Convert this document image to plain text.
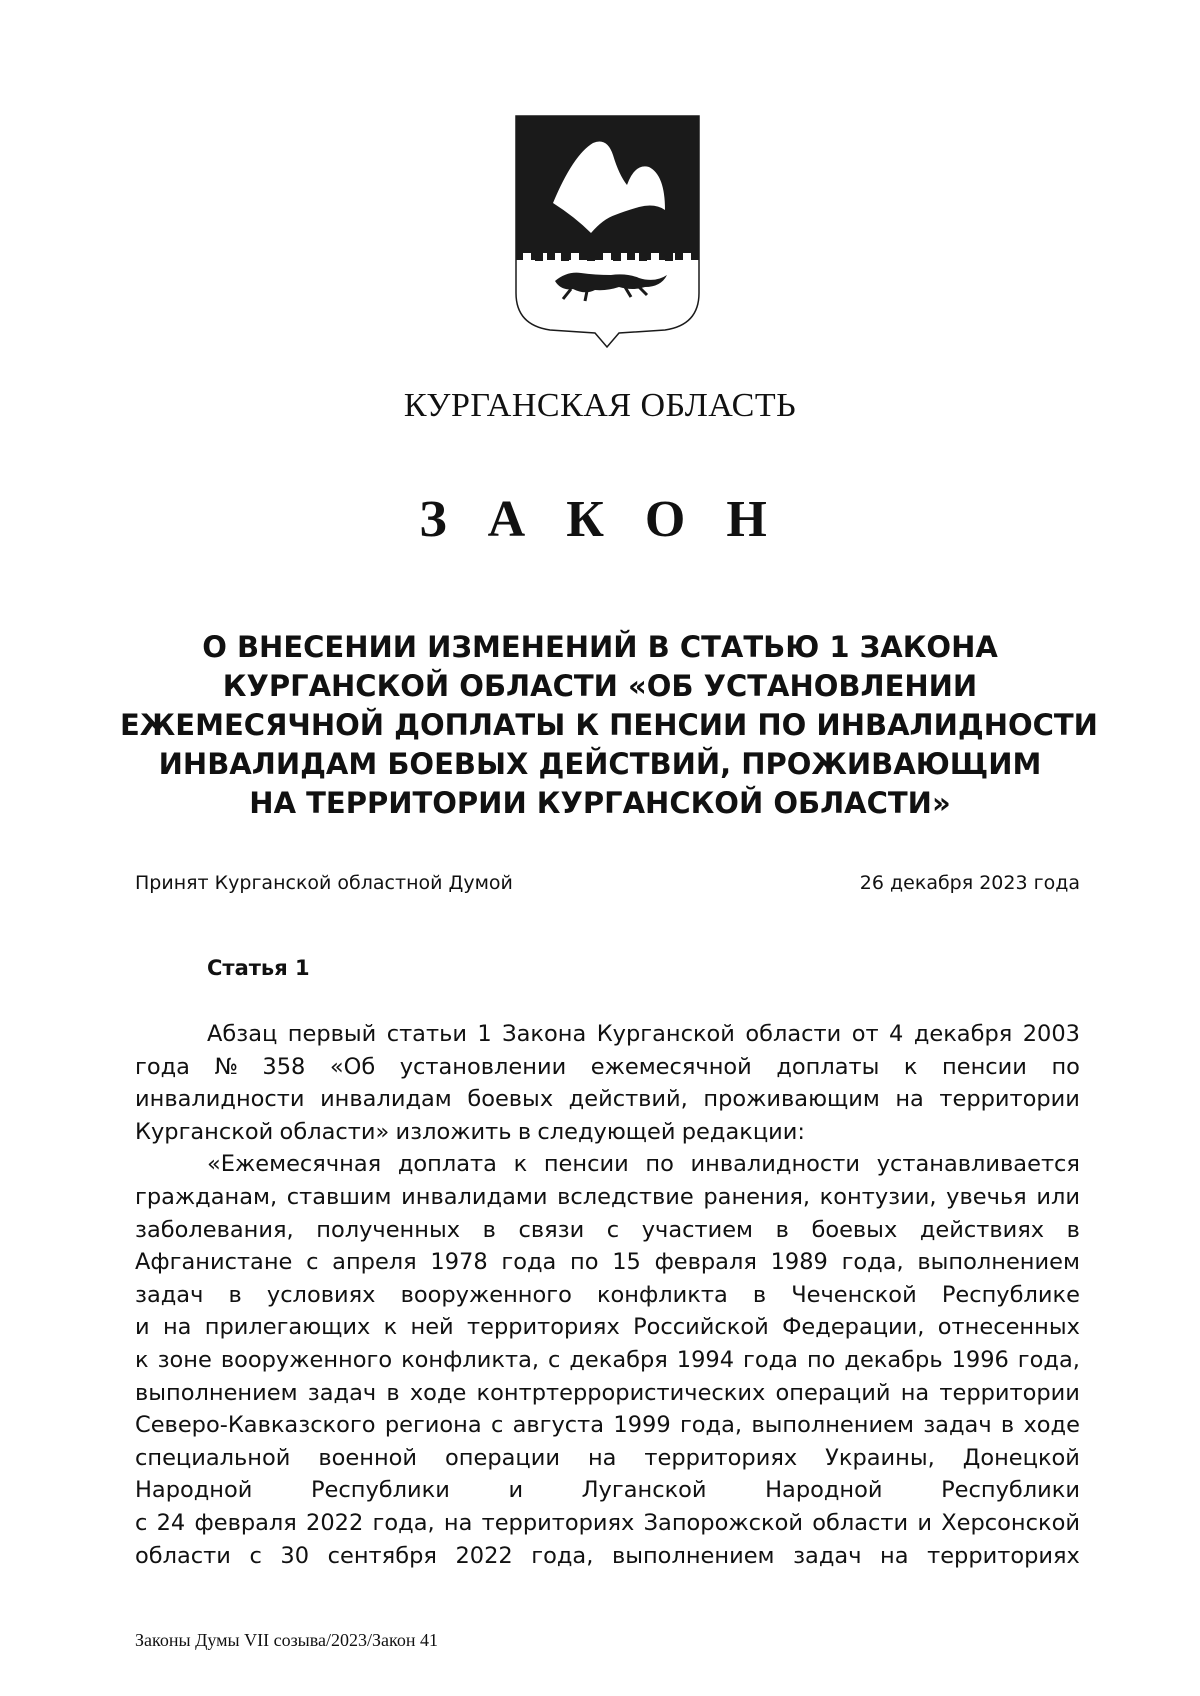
КУРГАНСКАЯ ОБЛАСТЬ
З А К О Н
О ВНЕСЕНИИ ИЗМЕНЕНИЙ В СТАТЬЮ 1 ЗАКОНА
КУРГАНСКОЙ ОБЛАСТИ «ОБ УСТАНОВЛЕНИИ
ЕЖЕМЕСЯЧНОЙ ДОПЛАТЫ К ПЕНСИИ ПО ИНВАЛИДНОСТИ
ИНВАЛИДАМ БОЕВЫХ ДЕЙСТВИЙ, ПРОЖИВАЮЩИМ
НА ТЕРРИТОРИИ КУРГАНСКОЙ ОБЛАСТИ»
Принят Курганской областной Думой	26 декабря 2023 года
Статья 1
Абзац первый статьи 1 Закона Курганской области от 4 декабря 2003
года № 358 «Об установлении ежемесячной доплаты к пенсии по
инвалидности инвалидам боевых действий, проживающим на территории
Курганской области» изложить в следующей редакции:
«Ежемесячная доплата к пенсии по инвалидности устанавливается
гражданам, ставшим инвалидами вследствие ранения, контузии, увечья или
заболевания, полученных в связи с участием в боевых действиях в
Афганистане с апреля 1978 года по 15 февраля 1989 года, выполнением
задач в условиях вооруженного конфликта в Чеченской Республике
и на прилегающих к ней территориях Российской Федерации, отнесенных
к зоне вооруженного конфликта, с декабря 1994 года по декабрь 1996 года,
выполнением задач в ходе контртеррористических операций на территории
Северо-Кавказского региона с августа 1999 года, выполнением задач в ходе
специальной военной операции на территориях Украины, Донецкой
Народной	Республики	и	Луганской	Народной	Республики
с 24 февраля 2022 года, на территориях Запорожской области и Херсонской
области с 30 сентября 2022 года, выполнением задач на территориях
Законы Думы VII созыва/2023/Закон 41
